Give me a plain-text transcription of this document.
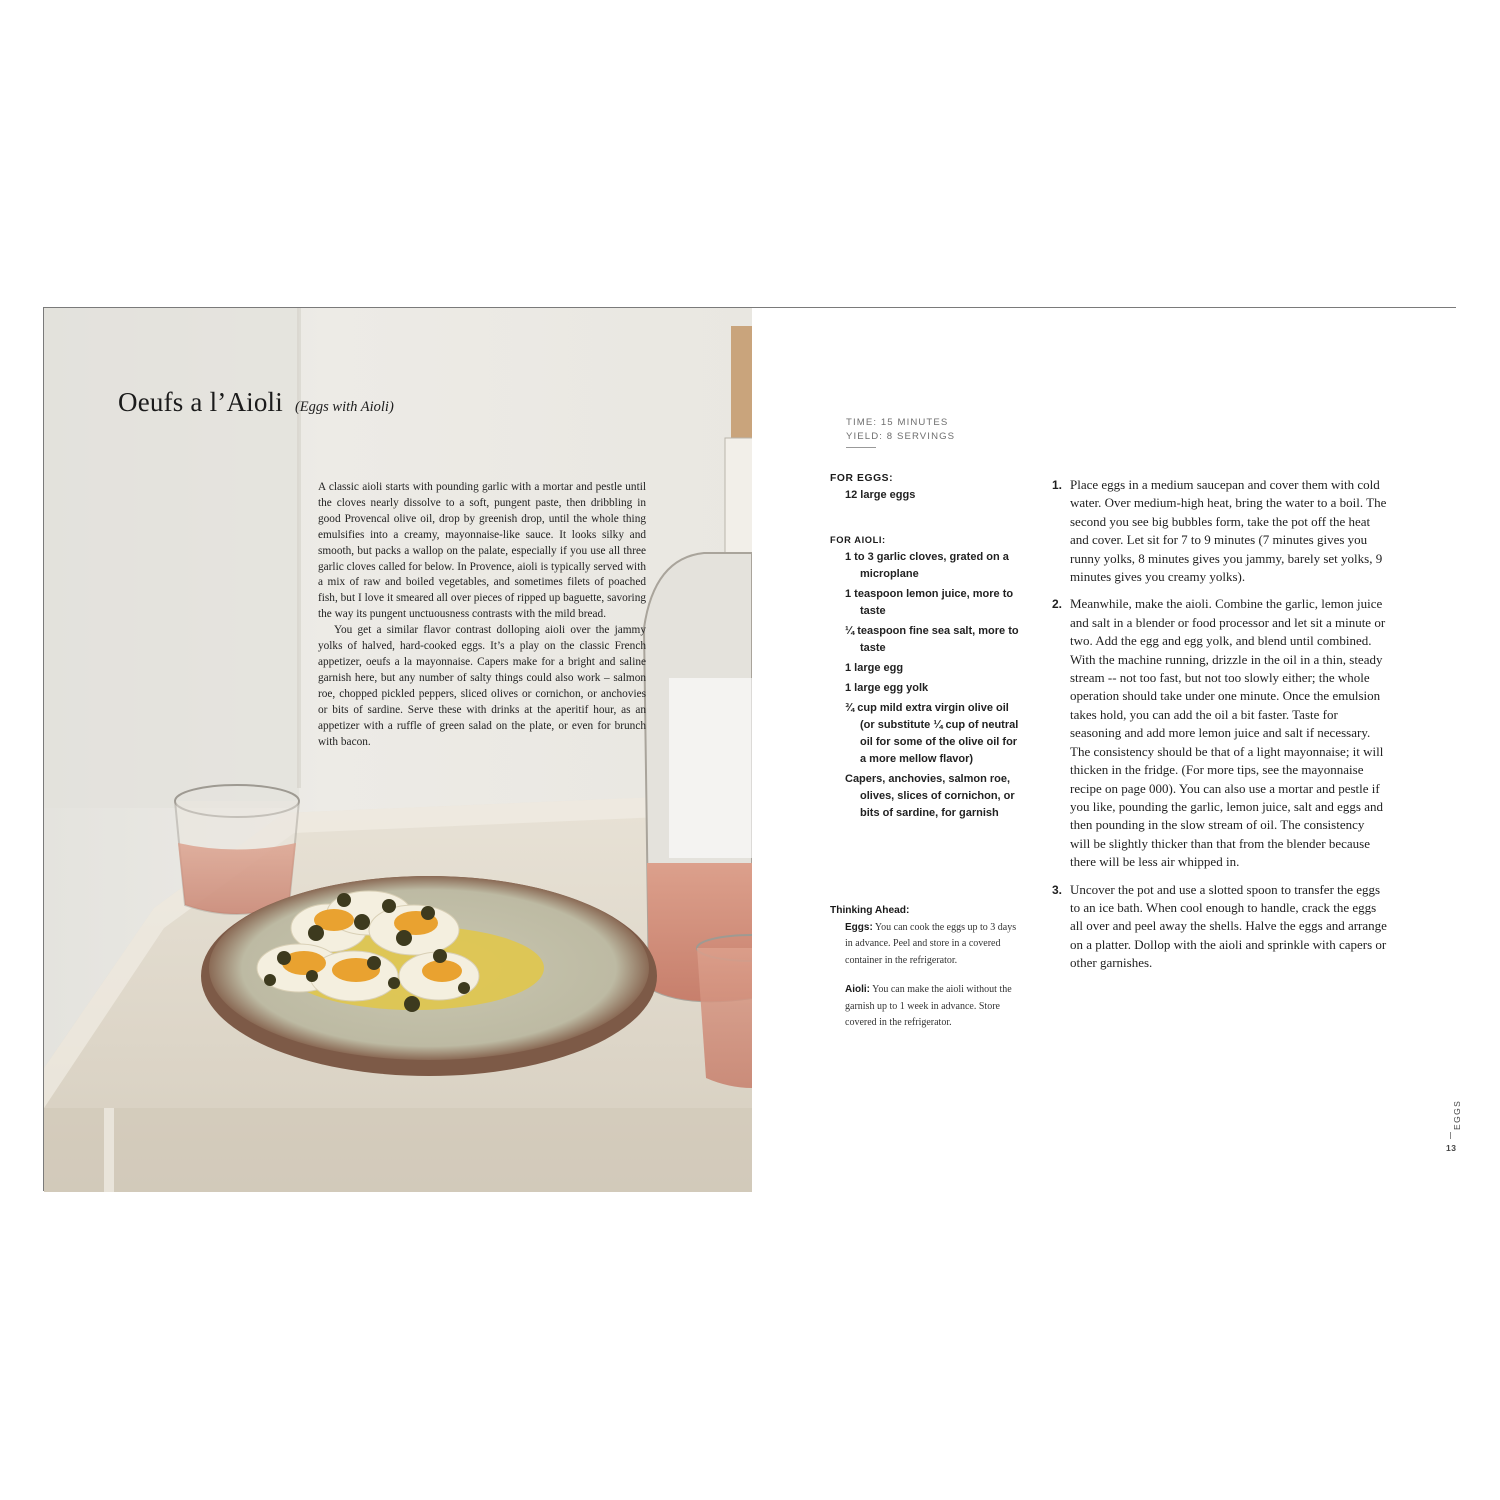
Oeufs a l’Aioli (Eggs with Aioli)

A classic aioli starts with pounding garlic with a mortar and pestle until the cloves nearly dissolve to a soft, pungent paste, then dribbling in good Provencal olive oil, drop by greenish drop, until the whole thing emulsifies into a creamy, mayonnaise-like sauce. It looks silky and smooth, but packs a wallop on the palate, especially if you use all three garlic cloves called for below. In Provence, aioli is typically served with a mix of raw and boiled vegetables, and sometimes filets of poached fish, but I love it smeared all over pieces of ripped up baguette, savoring the way its pungent unctuousness contrasts with the mild bread.

You get a similar flavor contrast dolloping aioli over the jammy yolks of halved, hard-cooked eggs. It’s a play on the classic French appetizer, oeufs a la mayonnaise. Capers make for a bright and saline garnish here, but any number of salty things could also work – salmon roe, chopped pickled peppers, sliced olives or cornichon, or anchovies or bits of sardine. Serve these with drinks at the aperitif hour, as an appetizer with a ruffle of green salad on the plate, or even for brunch with bacon.

TIME: 15 MINUTES
YIELD: 8 SERVINGS
FOR EGGS:
12 large eggs
FOR AIOLI:
1 to 3 garlic cloves, grated on a microplane
1 teaspoon lemon juice, more to taste
¼ teaspoon fine sea salt, more to taste
1 large egg
1 large egg yolk
¾ cup mild extra virgin olive oil (or substitute ¼ cup of neutral oil for some of the olive oil for a more mellow flavor)
Capers, anchovies, salmon roe, olives, slices of cornichon, or bits of sardine, for garnish
Thinking Ahead:

Eggs: You can cook the eggs up to 3 days in advance. Peel and store in a covered container in the refrigerator.

Aioli: You can make the aioli without the garnish up to 1 week in advance. Store covered in the refrigerator.

1. Place eggs in a medium saucepan and cover them with cold water. Over medium-high heat, bring the water to a boil. The second you see big bubbles form, take the pot off the heat and cover. Let sit for 7 to 9 minutes (7 minutes gives you runny yolks, 8 minutes gives you jammy, barely set yolks, 9 minutes gives you creamy yolks).
2. Meanwhile, make the aioli. Combine the garlic, lemon juice and salt in a blender or food processor and let sit a minute or two. Add the egg and egg yolk, and blend until combined. With the machine running, drizzle in the oil in a thin, steady stream -- not too fast, but not too slowly either; the whole operation should take under one minute. Once the emulsion takes hold, you can add the oil a bit faster. Taste for seasoning and add more lemon juice and salt if necessary. The consistency should be that of a light mayonnaise; it will thicken in the fridge. (For more tips, see the mayonnaise recipe on page 000). You can also use a mortar and pestle if you like, pounding the garlic, lemon juice, salt and eggs and then pounding in the slow stream of oil. The consistency will be slightly thicker than that from the blender because there will be less air whipped in.
3. Uncover the pot and use a slotted spoon to transfer the eggs to an ice bath. When cool enough to handle, crack the eggs all over and peel away the shells. Halve the eggs and arrange on a platter. Dollop with the aioli and sprinkle with capers or other garnishes.
EGGS
13
